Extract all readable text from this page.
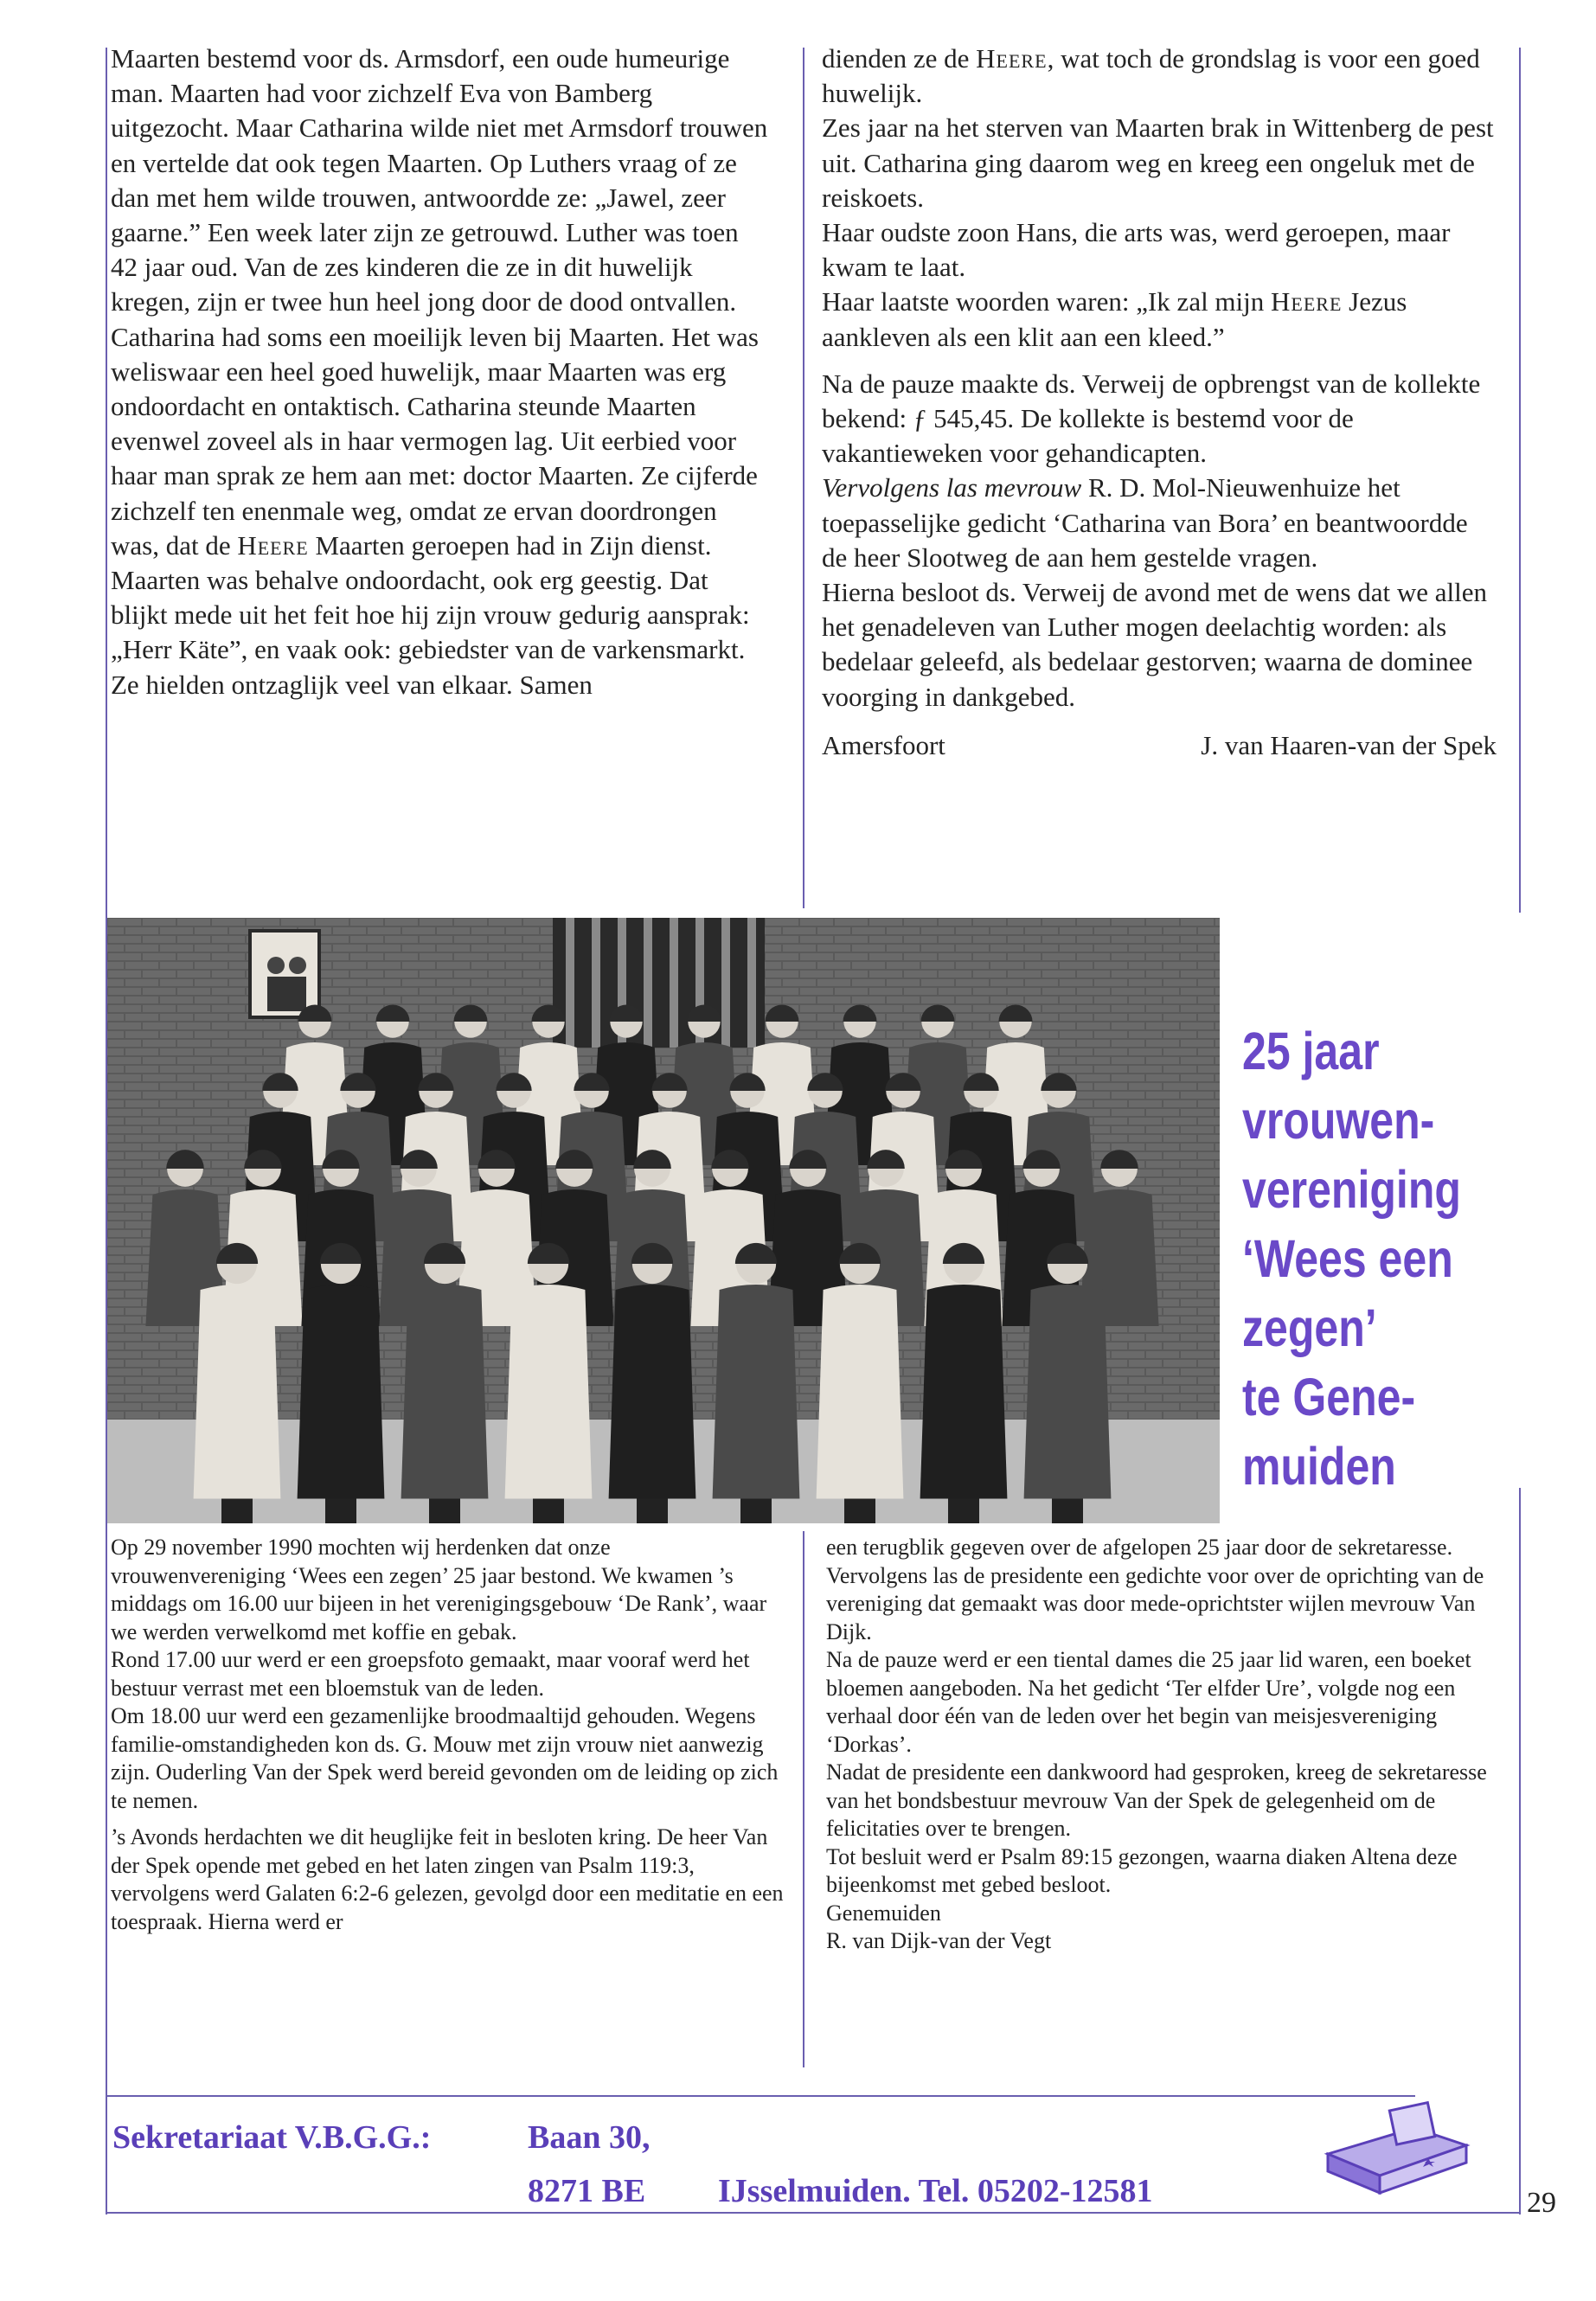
Maarten bestemd voor ds. Armsdorf, een oude humeurige man. Maarten had voor zichzelf Eva von Bamberg uitgezocht. Maar Catharina wilde niet met Armsdorf trouwen en vertelde dat ook tegen Maarten. Op Luthers vraag of ze dan met hem wilde trouwen, antwoordde ze: „Jawel, zeer gaarne.” Een week later zijn ze getrouwd. Luther was toen 42 jaar oud. Van de zes kinderen die ze in dit huwelijk kregen, zijn er twee hun heel jong door de dood ontvallen. Catharina had soms een moeilijk leven bij Maarten. Het was weliswaar een heel goed huwelijk, maar Maarten was erg ondoordacht en ontaktisch. Catharina steunde Maarten evenwel zoveel als in haar vermogen lag. Uit eerbied voor haar man sprak ze hem aan met: doctor Maarten. Ze cijferde zichzelf ten enenmale weg, omdat ze ervan doordrongen was, dat de Heere Maarten geroepen had in Zijn dienst.

Maarten was behalve ondoordacht, ook erg geestig. Dat blijkt mede uit het feit hoe hij zijn vrouw gedurig aansprak: „Herr Käte”, en vaak ook: gebiedster van de varkensmarkt.

Ze hielden ontzaglijk veel van elkaar. Samen

dienden ze de Heere, wat toch de grondslag is voor een goed huwelijk.

Zes jaar na het sterven van Maarten brak in Wittenberg de pest uit. Catharina ging daarom weg en kreeg een ongeluk met de reiskoets.

Haar oudste zoon Hans, die arts was, werd geroepen, maar kwam te laat.

Haar laatste woorden waren: „Ik zal mijn Heere Jezus aankleven als een klit aan een kleed.”

Na de pauze maakte ds. Verweij de opbrengst van de kollekte bekend: ƒ 545,45. De kollekte is bestemd voor de vakantieweken voor gehandicapten.

Vervolgens las mevrouw R. D. Mol-Nieuwenhuize het toepasselijke gedicht ‘Catharina van Bora’ en beantwoordde de heer Slootweg de aan hem gestelde vragen.

Hierna besloot ds. Verweij de avond met de wens dat we allen het genadeleven van Luther mogen deelachtig worden: als bedelaar geleefd, als bedelaar gestorven; waarna de dominee voorging in dankgebed.

Amersfoort	J. van Haaren-van der Spek
25 jaar
vrouwen-
vereniging
‘Wees een
zegen’
te Gene-
muiden

Op 29 november 1990 mochten wij herdenken dat onze vrouwenvereniging ‘Wees een zegen’ 25 jaar bestond. We kwamen ’s middags om 16.00 uur bijeen in het verenigingsgebouw ‘De Rank’, waar we werden verwelkomd met koffie en gebak.

Rond 17.00 uur werd er een groepsfoto gemaakt, maar vooraf werd het bestuur verrast met een bloemstuk van de leden.

Om 18.00 uur werd een gezamenlijke broodmaaltijd gehouden. Wegens familie-omstandigheden kon ds. G. Mouw met zijn vrouw niet aanwezig zijn. Ouderling Van der Spek werd bereid gevonden om de leiding op zich te nemen.

’s Avonds herdachten we dit heuglijke feit in besloten kring. De heer Van der Spek opende met gebed en het laten zingen van Psalm 119:3, vervolgens werd Galaten 6:2-6 gelezen, gevolgd door een meditatie en een toespraak. Hierna werd er

een terugblik gegeven over de afgelopen 25 jaar door de sekretaresse. Vervolgens las de presidente een gedichte voor over de oprichting van de vereniging dat gemaakt was door mede-oprichtster wijlen mevrouw Van Dijk.

Na de pauze werd er een tiental dames die 25 jaar lid waren, een boeket bloemen aangeboden. Na het gedicht ‘Ter elfder Ure’, volgde nog een verhaal door één van de leden over het begin van meisjesvereniging ‘Dorkas’.

Nadat de presidente een dankwoord had gesproken, kreeg de sekretaresse van het bondsbestuur mevrouw Van der Spek de gelegenheid om de felicitaties over te brengen.

Tot besluit werd er Psalm 89:15 gezongen, waarna diaken Altena deze bijeenkomst met gebed besloot.

Genemuiden

R. van Dijk-van der Vegt

Sekretariaat V.B.G.G.:	Baan 30,
8271 BE IJsselmuiden. Tel. 05202-12581	29
